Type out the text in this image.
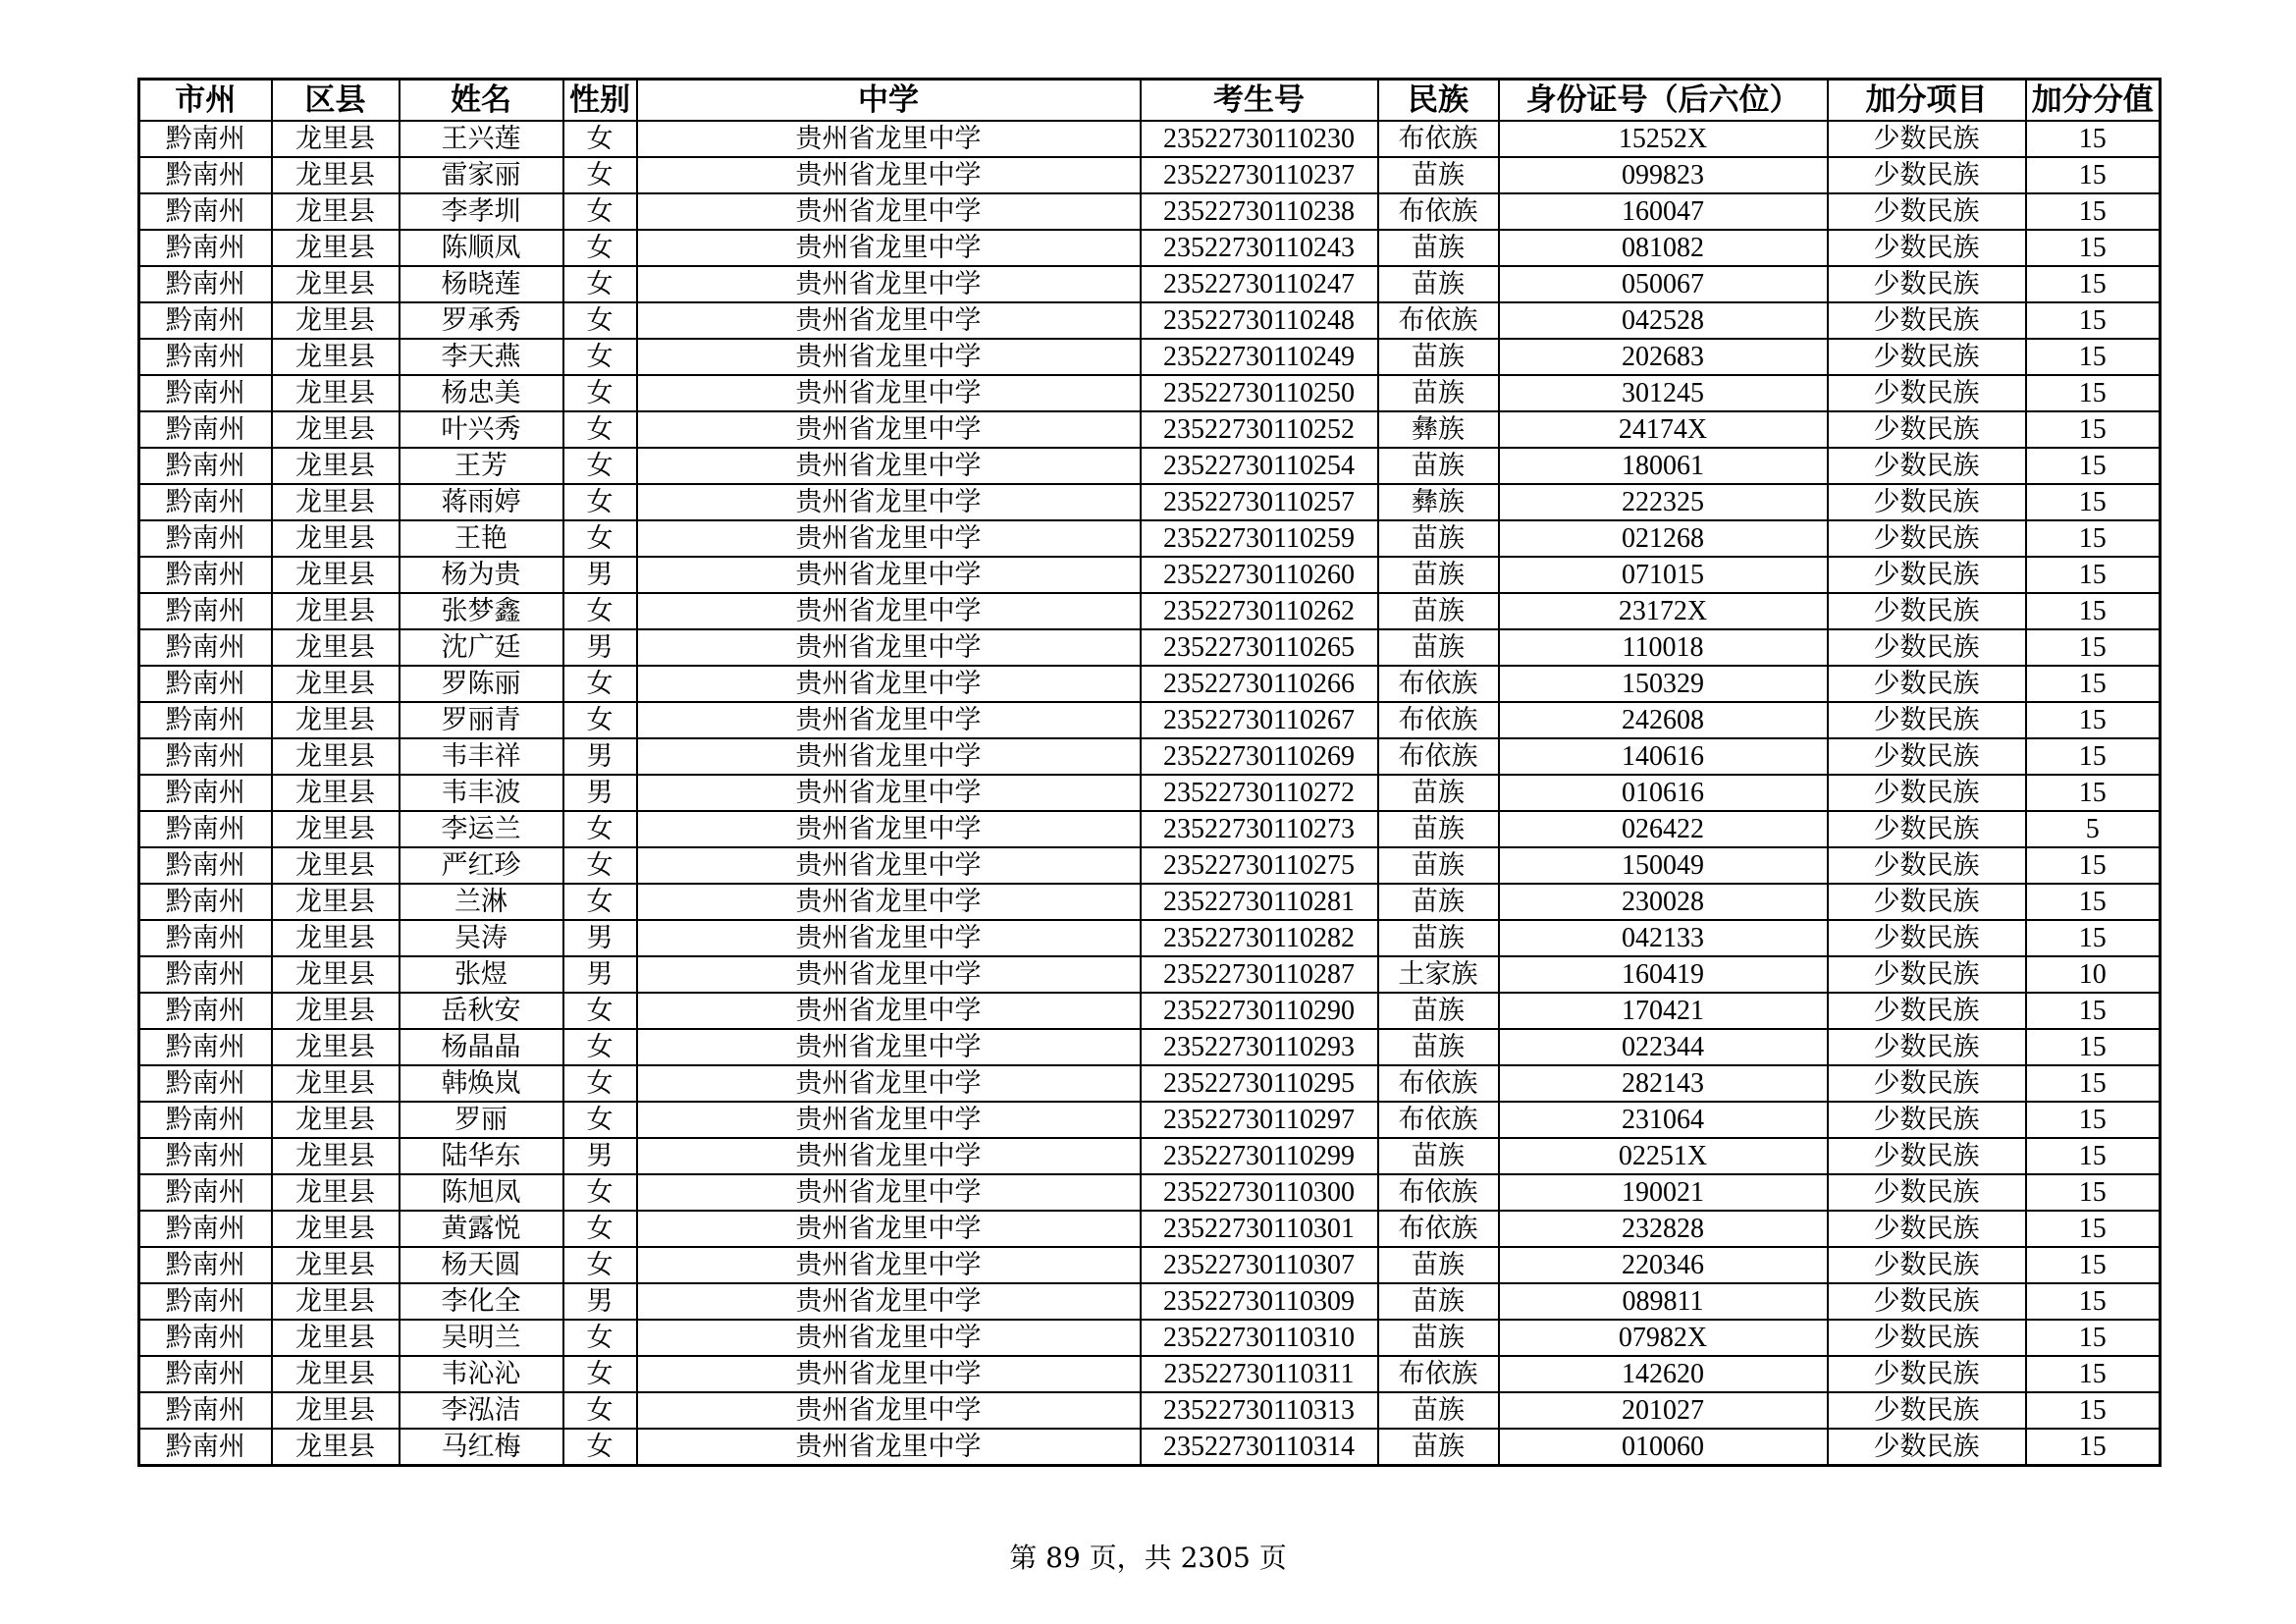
市州	区县	姓名	性别	中学	考生号	民族	身份证号（后六位）	加分项目	加分分值
黔南州	龙里县	王兴莲	女	贵州省龙里中学	23522730110230	布依族	15252X	少数民族	15
黔南州	龙里县	雷家丽	女	贵州省龙里中学	23522730110237	苗族	099823	少数民族	15
黔南州	龙里县	李孝圳	女	贵州省龙里中学	23522730110238	布依族	160047	少数民族	15
黔南州	龙里县	陈顺凤	女	贵州省龙里中学	23522730110243	苗族	081082	少数民族	15
黔南州	龙里县	杨晓莲	女	贵州省龙里中学	23522730110247	苗族	050067	少数民族	15
黔南州	龙里县	罗承秀	女	贵州省龙里中学	23522730110248	布依族	042528	少数民族	15
黔南州	龙里县	李天燕	女	贵州省龙里中学	23522730110249	苗族	202683	少数民族	15
黔南州	龙里县	杨忠美	女	贵州省龙里中学	23522730110250	苗族	301245	少数民族	15
黔南州	龙里县	叶兴秀	女	贵州省龙里中学	23522730110252	彝族	24174X	少数民族	15
黔南州	龙里县	王芳	女	贵州省龙里中学	23522730110254	苗族	180061	少数民族	15
黔南州	龙里县	蒋雨婷	女	贵州省龙里中学	23522730110257	彝族	222325	少数民族	15
黔南州	龙里县	王艳	女	贵州省龙里中学	23522730110259	苗族	021268	少数民族	15
黔南州	龙里县	杨为贵	男	贵州省龙里中学	23522730110260	苗族	071015	少数民族	15
黔南州	龙里县	张梦鑫	女	贵州省龙里中学	23522730110262	苗族	23172X	少数民族	15
黔南州	龙里县	沈广廷	男	贵州省龙里中学	23522730110265	苗族	110018	少数民族	15
黔南州	龙里县	罗陈丽	女	贵州省龙里中学	23522730110266	布依族	150329	少数民族	15
黔南州	龙里县	罗丽青	女	贵州省龙里中学	23522730110267	布依族	242608	少数民族	15
黔南州	龙里县	韦丰祥	男	贵州省龙里中学	23522730110269	布依族	140616	少数民族	15
黔南州	龙里县	韦丰波	男	贵州省龙里中学	23522730110272	苗族	010616	少数民族	15
黔南州	龙里县	李运兰	女	贵州省龙里中学	23522730110273	苗族	026422	少数民族	5
黔南州	龙里县	严红珍	女	贵州省龙里中学	23522730110275	苗族	150049	少数民族	15
黔南州	龙里县	兰淋	女	贵州省龙里中学	23522730110281	苗族	230028	少数民族	15
黔南州	龙里县	吴涛	男	贵州省龙里中学	23522730110282	苗族	042133	少数民族	15
黔南州	龙里县	张煜	男	贵州省龙里中学	23522730110287	土家族	160419	少数民族	10
黔南州	龙里县	岳秋安	女	贵州省龙里中学	23522730110290	苗族	170421	少数民族	15
黔南州	龙里县	杨晶晶	女	贵州省龙里中学	23522730110293	苗族	022344	少数民族	15
黔南州	龙里县	韩焕岚	女	贵州省龙里中学	23522730110295	布依族	282143	少数民族	15
黔南州	龙里县	罗丽	女	贵州省龙里中学	23522730110297	布依族	231064	少数民族	15
黔南州	龙里县	陆华东	男	贵州省龙里中学	23522730110299	苗族	02251X	少数民族	15
黔南州	龙里县	陈旭凤	女	贵州省龙里中学	23522730110300	布依族	190021	少数民族	15
黔南州	龙里县	黄露悦	女	贵州省龙里中学	23522730110301	布依族	232828	少数民族	15
黔南州	龙里县	杨天圆	女	贵州省龙里中学	23522730110307	苗族	220346	少数民族	15
黔南州	龙里县	李化全	男	贵州省龙里中学	23522730110309	苗族	089811	少数民族	15
黔南州	龙里县	吴明兰	女	贵州省龙里中学	23522730110310	苗族	07982X	少数民族	15
黔南州	龙里县	韦沁沁	女	贵州省龙里中学	23522730110311	布依族	142620	少数民族	15
黔南州	龙里县	李泓洁	女	贵州省龙里中学	23522730110313	苗族	201027	少数民族	15
黔南州	龙里县	马红梅	女	贵州省龙里中学	23522730110314	苗族	010060	少数民族	15
第 89 页，共 2305 页
